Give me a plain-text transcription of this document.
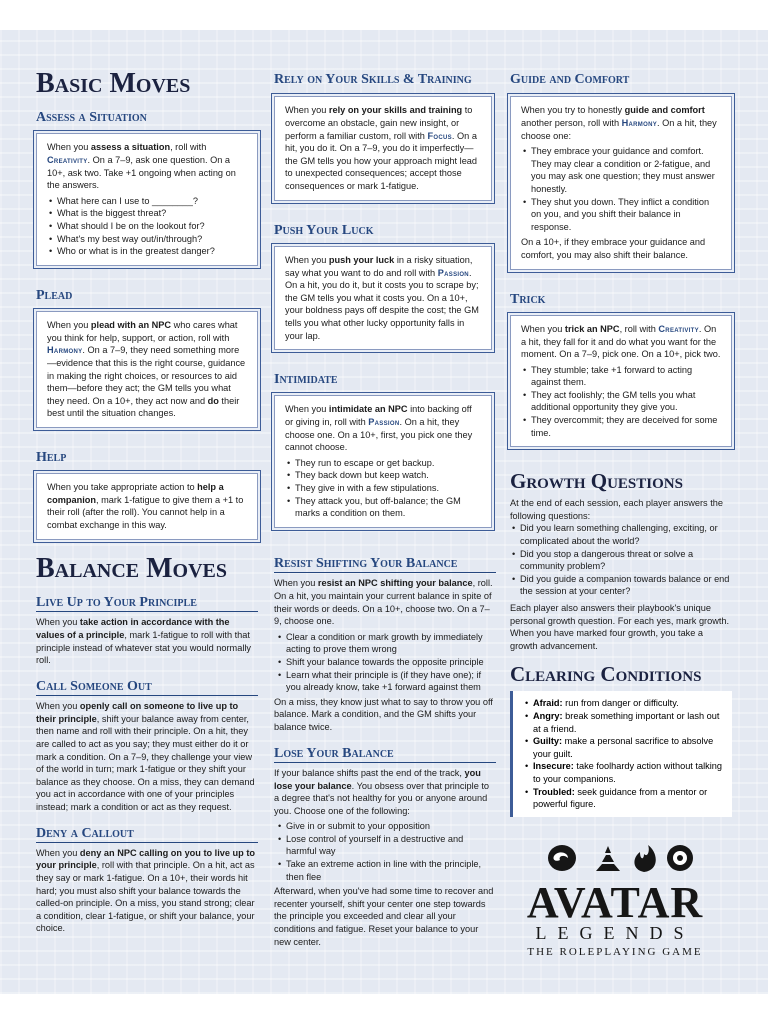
Basic Moves
Assess a Situation
When you assess a situation, roll with Creativity. On a 7–9, ask one question. On a 10+, ask two. Take +1 ongoing when acting on the answers.
• What here can I use to ________?
• What is the biggest threat?
• What should I be on the lookout for?
• What's my best way out/in/through?
• Who or what is in the greatest danger?
Plead
When you plead with an NPC who cares what you think for help, support, or action, roll with Harmony. On a 7–9, they need something more—evidence that this is the right course, guidance in making the right choices, or resources to aid them—before they act; the GM tells you what they need. On a 10+, they act now and do their best until the situation changes.
Help
When you take appropriate action to help a companion, mark 1-fatigue to give them a +1 to their roll (after the roll). You cannot help in a combat exchange in this way.
Rely on Your Skills & Training
When you rely on your skills and training to overcome an obstacle, gain new insight, or perform a familiar custom, roll with Focus. On a hit, you do it. On a 7–9, you do it imperfectly— the GM tells you how your approach might lead to unexpected consequences; accept those consequences or mark 1-fatigue.
Push Your Luck
When you push your luck in a risky situation, say what you want to do and roll with Passion. On a hit, you do it, but it costs you to scrape by; the GM tells you what it costs you. On a 10+, your boldness pays off despite the cost; the GM tells you what other lucky opportunity falls in your lap.
Intimidate
When you intimidate an NPC into backing off or giving in, roll with Passion. On a hit, they choose one. On a 10+, first, you pick one they cannot choose.
• They run to escape or get backup.
• They back down but keep watch.
• They give in with a few stipulations.
• They attack you, but off-balance; the GM marks a condition on them.
Guide and Comfort
When you try to honestly guide and comfort another person, roll with Harmony. On a hit, they choose one:
• They embrace your guidance and comfort. They may clear a condition or 2-fatigue, and you may ask one question; they must answer honestly.
• They shut you down. They inflict a condition on you, and you shift their balance in response.
On a 10+, if they embrace your guidance and comfort, you may also shift their balance.
Trick
When you trick an NPC, roll with Creativity. On a hit, they fall for it and do what you want for the moment. On a 7–9, pick one. On a 10+, pick two.
• They stumble; take +1 forward to acting against them.
• They act foolishly; the GM tells you what additional opportunity they give you.
• They overcommit; they are deceived for some time.
Growth Questions
At the end of each session, each player answers the following questions:
• Did you learn something challenging, exciting, or complicated about the world?
• Did you stop a dangerous threat or solve a community problem?
• Did you guide a companion towards balance or end the session at your center?
Each player also answers their playbook's unique personal growth question. For each yes, mark growth. When you have marked four growth, you take a growth advancement.
Clearing Conditions
• Afraid: run from danger or difficulty.
• Angry: break something important or lash out at a friend.
• Guilty: make a personal sacrifice to absolve your guilt.
• Insecure: take foolhardy action without talking to your companions.
• Troubled: seek guidance from a mentor or powerful figure.
Balance Moves
Live Up to Your Principle
When you take action in accordance with the values of a principle, mark 1-fatigue to roll with that principle instead of whatever stat you would normally roll.
Call Someone Out
When you openly call on someone to live up to their principle, shift your balance away from center, then name and roll with their principle. On a hit, they are called to act as you say; they must either do it or mark a condition. On a 7–9, they challenge your view of the world in turn; mark 1-fatigue or they shift your balance as they choose. On a miss, they can demand you act in accordance with one of your principles instead; mark a condition or act as they request.
Deny a Callout
When you deny an NPC calling on you to live up to your principle, roll with that principle. On a hit, act as they say or mark 1-fatigue. On a 10+, their words hit hard; you must also shift your balance towards the called-on principle. On a miss, you stand strong; clear a condition, clear 1-fatigue, or shift your balance, your choice.
Resist Shifting Your Balance
When you resist an NPC shifting your balance, roll. On a hit, you maintain your current balance in spite of their words or deeds. On a 10+, choose two. On a 7–9, choose one.
• Clear a condition or mark growth by immediately acting to prove them wrong
• Shift your balance towards the opposite principle
• Learn what their principle is (if they have one); if you already know, take +1 forward against them
On a miss, they know just what to say to throw you off balance. Mark a condition, and the GM shifts your balance twice.
Lose Your Balance
If your balance shifts past the end of the track, you lose your balance. You obsess over that principle to a degree that's not healthy for you or anyone around you. Choose one of the following:
• Give in or submit to your opposition
• Lose control of yourself in a destructive and harmful way
• Take an extreme action in line with the principle, then flee
Afterward, when you've had some time to recover and recenter yourself, shift your center one step towards the principle you exceeded and clear all your conditions and fatigue. Reset your balance to your new center.
AVATAR
LEGENDS
THE ROLEPLAYING GAME
